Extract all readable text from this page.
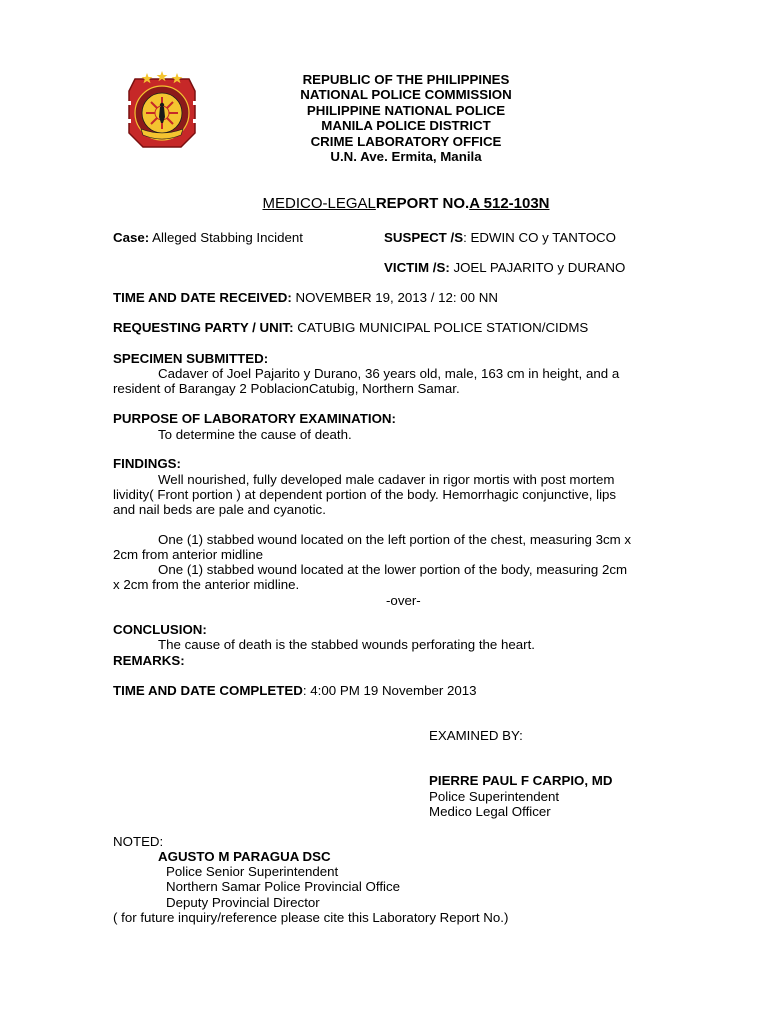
REPUBLIC OF THE PHILIPPINES
NATIONAL POLICE COMMISSION
PHILIPPINE NATIONAL POLICE
MANILA POLICE DISTRICT
CRIME LABORATORY OFFICE
U.N. Ave. Ermita, Manila
MEDICO-LEGALREPORT NO.A 512-103N
Case: Alleged Stabbing Incident	SUSPECT /S: EDWIN CO y TANTOCO
VICTIM /S: JOEL PAJARITO y DURANO
TIME AND DATE RECEIVED: NOVEMBER 19, 2013 / 12: 00 NN
REQUESTING PARTY / UNIT: CATUBIG MUNICIPAL POLICE STATION/CIDMS
SPECIMEN SUBMITTED:
Cadaver of Joel Pajarito y Durano, 36 years old, male, 163 cm in height, and a
resident of Barangay 2 PoblacionCatubig, Northern Samar.
PURPOSE OF LABORATORY EXAMINATION:
To determine the cause of death.
FINDINGS:
Well nourished, fully developed male cadaver in rigor mortis with post mortem
lividity( Front portion ) at dependent portion of the body. Hemorrhagic conjunctive, lips
and nail beds are pale and cyanotic.
One (1) stabbed wound located on the left portion of the chest, measuring 3cm x
2cm from anterior midline
One (1) stabbed wound located at the lower portion of the body, measuring 2cm
x 2cm from the anterior midline.
-over-
CONCLUSION:
The cause of death is the stabbed wounds perforating the heart.
REMARKS:
TIME AND DATE COMPLETED: 4:00 PM 19 November 2013
EXAMINED BY:
PIERRE PAUL F CARPIO, MD
Police Superintendent
Medico Legal Officer
NOTED:
AGUSTO M PARAGUA DSC
Police Senior Superintendent
Northern Samar Police Provincial Office
Deputy Provincial Director
( for future inquiry/reference please cite this Laboratory Report No.)
